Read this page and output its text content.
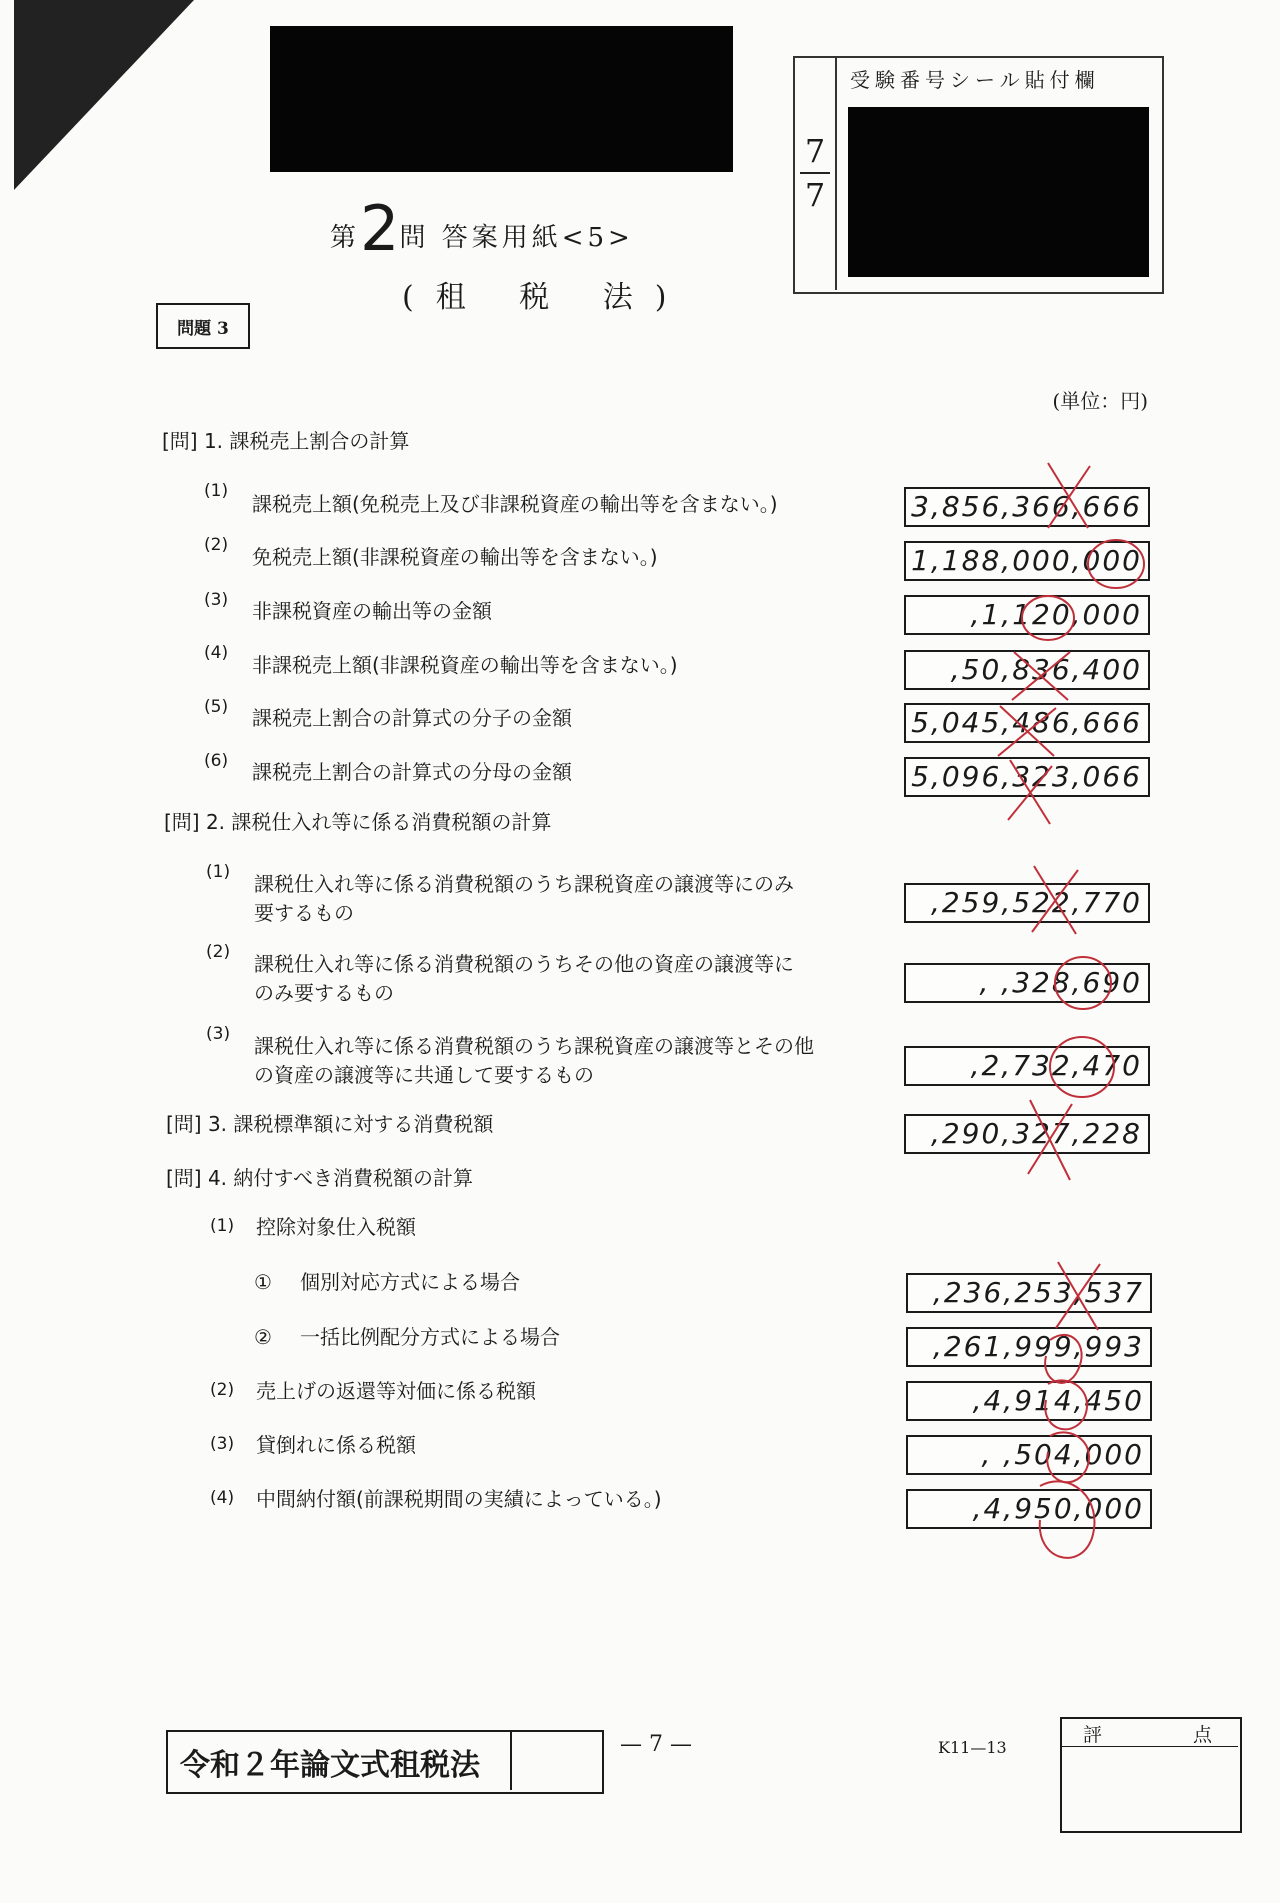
第2問 答案用紙<5>
(租 税 法)
問題 3
受験番号シール貼付欄
7
7
(単位：円)
[問] 1. 課税売上割合の計算
(1)
課税売上額(免税売上及び非課税資産の輸出等を含まない。)	3,856,366,666
(2) 免税売上額(非課税資産の輸出等を含まない。)	1,188,000,000
(3) 非課税資産の輸出等の金額	,1,120,000
(4) 非課税売上額(非課税資産の輸出等を含まない。)	,50,836,400
(5) 課税売上割合の計算式の分子の金額	5,045,486,666
(6) 課税売上割合の計算式の分母の金額	5,096,323,066
[問] 2. 課税仕入れ等に係る消費税額の計算
(1) 課税仕入れ等に係る消費税額のうち課税資産の譲渡等にのみ
要するもの	,259,522,770
(2) 課税仕入れ等に係る消費税額のうちその他の資産の譲渡等に
のみ要するもの	, ,328,690
(3) 課税仕入れ等に係る消費税額のうち課税資産の譲渡等とその他
の資産の譲渡等に共通して要するもの	,2,732,470
[問] 3. 課税標準額に対する消費税額	,290,327,228
[問] 4. 納付すべき消費税額の計算
(1) 控除対象仕入税額
① 個別対応方式による場合	,236,253,537
② 一括比例配分方式による場合	,261,999,993
(2) 売上げの返還等対価に係る税額	,4,914,450
(3) 貸倒れに係る税額	, ,504,000
(4) 中間納付額(前課税期間の実績によっている。)	,4,950,000
令和２年論文式租税法
— 7 —	K11—13
評	点
